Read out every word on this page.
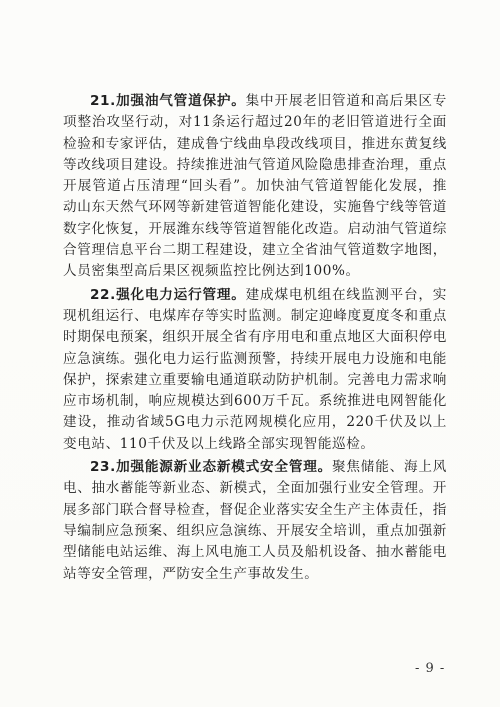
21.加强油气管道保护。集中开展老旧管道和高后果区专项整治攻坚行动，对11条运行超过20年的老旧管道进行全面检验和专家评估，建成鲁宁线曲阜段改线项目，推进东黄复线等改线项目建设。持续推进油气管道风险隐患排查治理，重点开展管道占压清理“回头看”。加快油气管道智能化发展，推动山东天然气环网等新建管道智能化建设，实施鲁宁线等管道数字化恢复，开展潍东线等管道智能化改造。启动油气管道综合管理信息平台二期工程建设，建立全省油气管道数字地图，人员密集型高后果区视频监控比例达到100%。

22.强化电力运行管理。建成煤电机组在线监测平台，实现机组运行、电煤库存等实时监测。制定迎峰度夏度冬和重点时期保电预案，组织开展全省有序用电和重点地区大面积停电应急演练。强化电力运行监测预警，持续开展电力设施和电能保护，探索建立重要输电通道联动防护机制。完善电力需求响应市场机制，响应规模达到600万千瓦。系统推进电网智能化建设，推动省域5G电力示范网规模化应用，220千伏及以上变电站、110千伏及以上线路全部实现智能巡检。

23.加强能源新业态新模式安全管理。聚焦储能、海上风电、抽水蓄能等新业态、新模式，全面加强行业安全管理。开展多部门联合督导检查，督促企业落实安全生产主体责任，指导编制应急预案、组织应急演练、开展安全培训，重点加强新型储能电站运维、海上风电施工人员及船机设备、抽水蓄能电站等安全管理，严防安全生产事故发生。

- 9 -
